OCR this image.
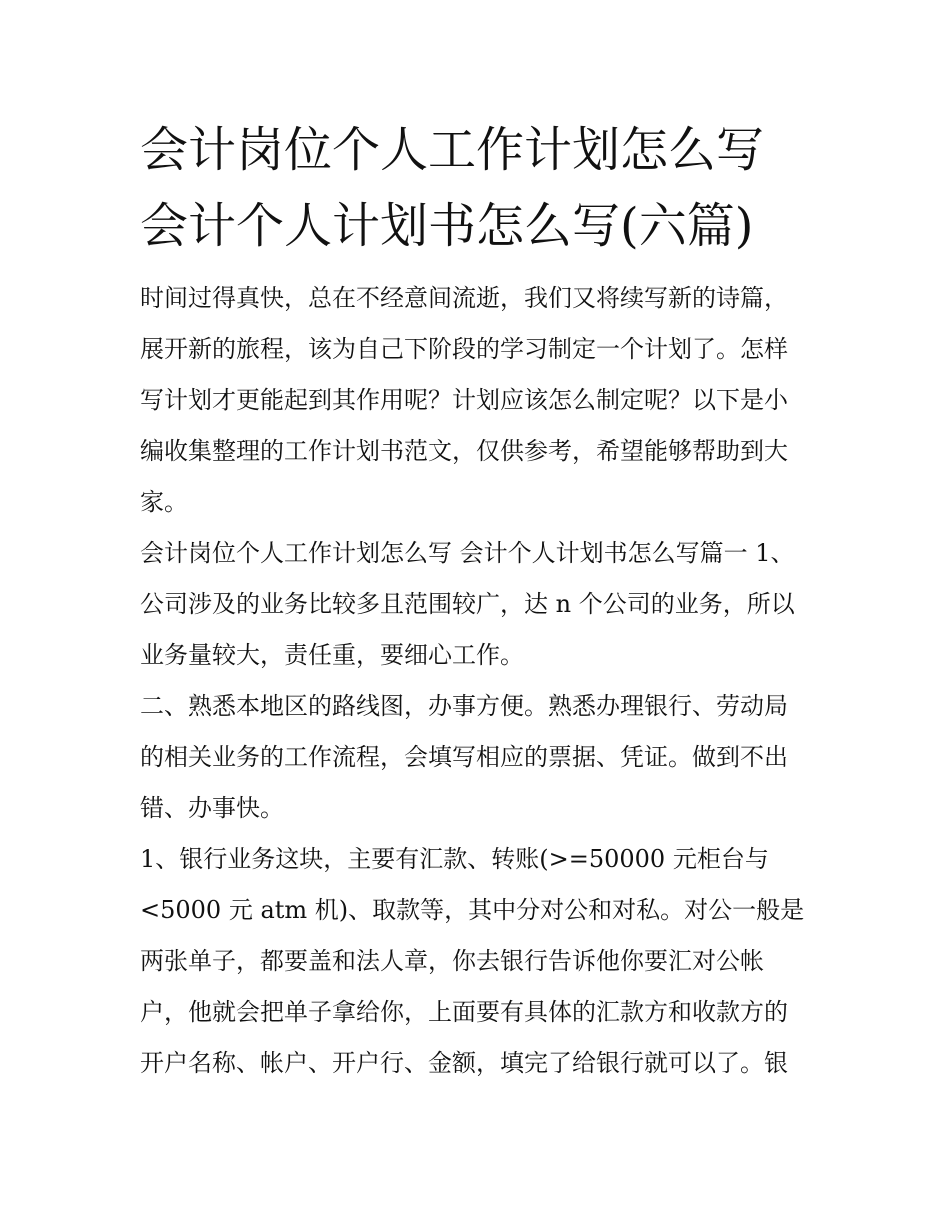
会计岗位个人工作计划怎么写
会计个人计划书怎么写(六篇)
时间过得真快，总在不经意间流逝，我们又将续写新的诗篇，
展开新的旅程，该为自己下阶段的学习制定一个计划了。怎样
写计划才更能起到其作用呢？计划应该怎么制定呢？以下是小
编收集整理的工作计划书范文，仅供参考，希望能够帮助到大
家。
会计岗位个人工作计划怎么写 会计个人计划书怎么写篇一 1、
公司涉及的业务比较多且范围较广，达 n 个公司的业务，所以
业务量较大，责任重，要细心工作。
二、熟悉本地区的路线图，办事方便。熟悉办理银行、劳动局
的相关业务的工作流程，会填写相应的票据、凭证。做到不出
错、办事快。
1、银行业务这块，主要有汇款、转账(>=50000 元柜台与
<5000 元 atm 机)、取款等，其中分对公和对私。对公一般是
两张单子，都要盖和法人章，你去银行告诉他你要汇对公帐
户，他就会把单子拿给你，上面要有具体的汇款方和收款方的
开户名称、帐户、开户行、金额，填完了给银行就可以了。银
